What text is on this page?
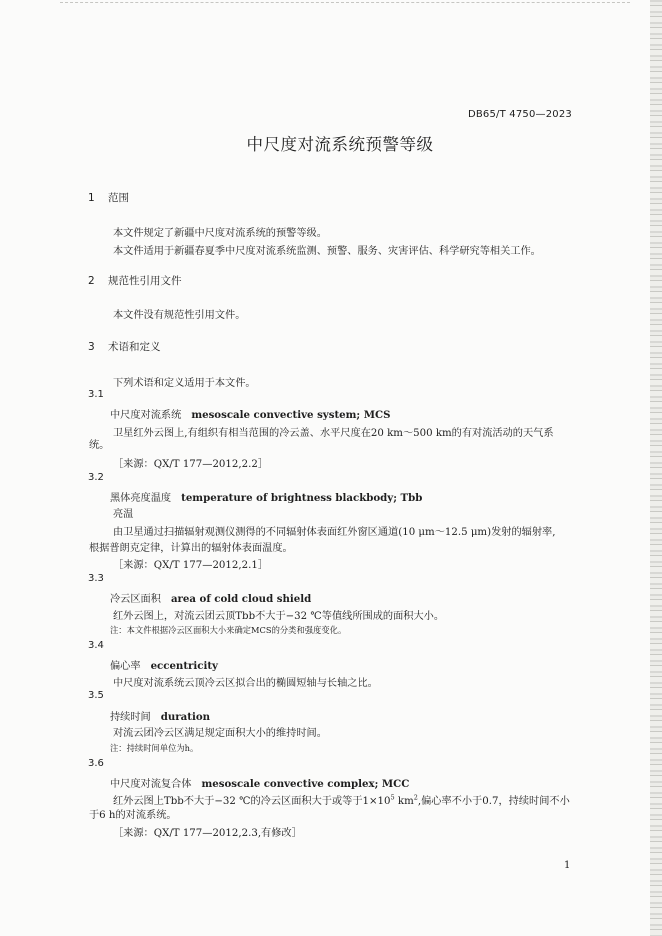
DB65/T 4750—2023
中尺度对流系统预警等级
1 范围
本文件规定了新疆中尺度对流系统的预警等级。
本文件适用于新疆春夏季中尺度对流系统监测、预警、服务、灾害评估、科学研究等相关工作。
2 规范性引用文件
本文件没有规范性引用文件。
3 术语和定义
下列术语和定义适用于本文件。
3.1
中尺度对流系统 mesoscale convective system; MCS
卫星红外云图上,有组织有相当范围的冷云盖、水平尺度在20 km～500 km的有对流活动的天气系
统。
［来源：QX/T 177—2012,2.2］
3.2
黑体亮度温度 temperature of brightness blackbody; Tbb
亮温
由卫星通过扫描辐射观测仪测得的不同辐射体表面红外窗区通道(10 μm～12.5 μm)发射的辐射率,
根据普朗克定律，计算出的辐射体表面温度。
［来源：QX/T 177—2012,2.1］
3.3
冷云区面积 area of cold cloud shield
红外云图上，对流云团云顶Tbb不大于−32 ℃等值线所围成的面积大小。
注：本文件根据冷云区面积大小来确定MCS的分类和强度变化。
3.4
偏心率 eccentricity
中尺度对流系统云顶冷云区拟合出的椭圆短轴与长轴之比。
3.5
持续时间 duration
对流云团冷云区满足规定面积大小的维持时间。
注：持续时间单位为h。
3.6
中尺度对流复合体 mesoscale convective complex; MCC
红外云图上Tbb不大于−32 ℃的冷云区面积大于或等于$1\times 10^5$ $km^2$,偏心率不小于0.7，持续时间不小
于6 h的对流系统。
［来源：QX/T 177—2012,2.3,有修改］
1
